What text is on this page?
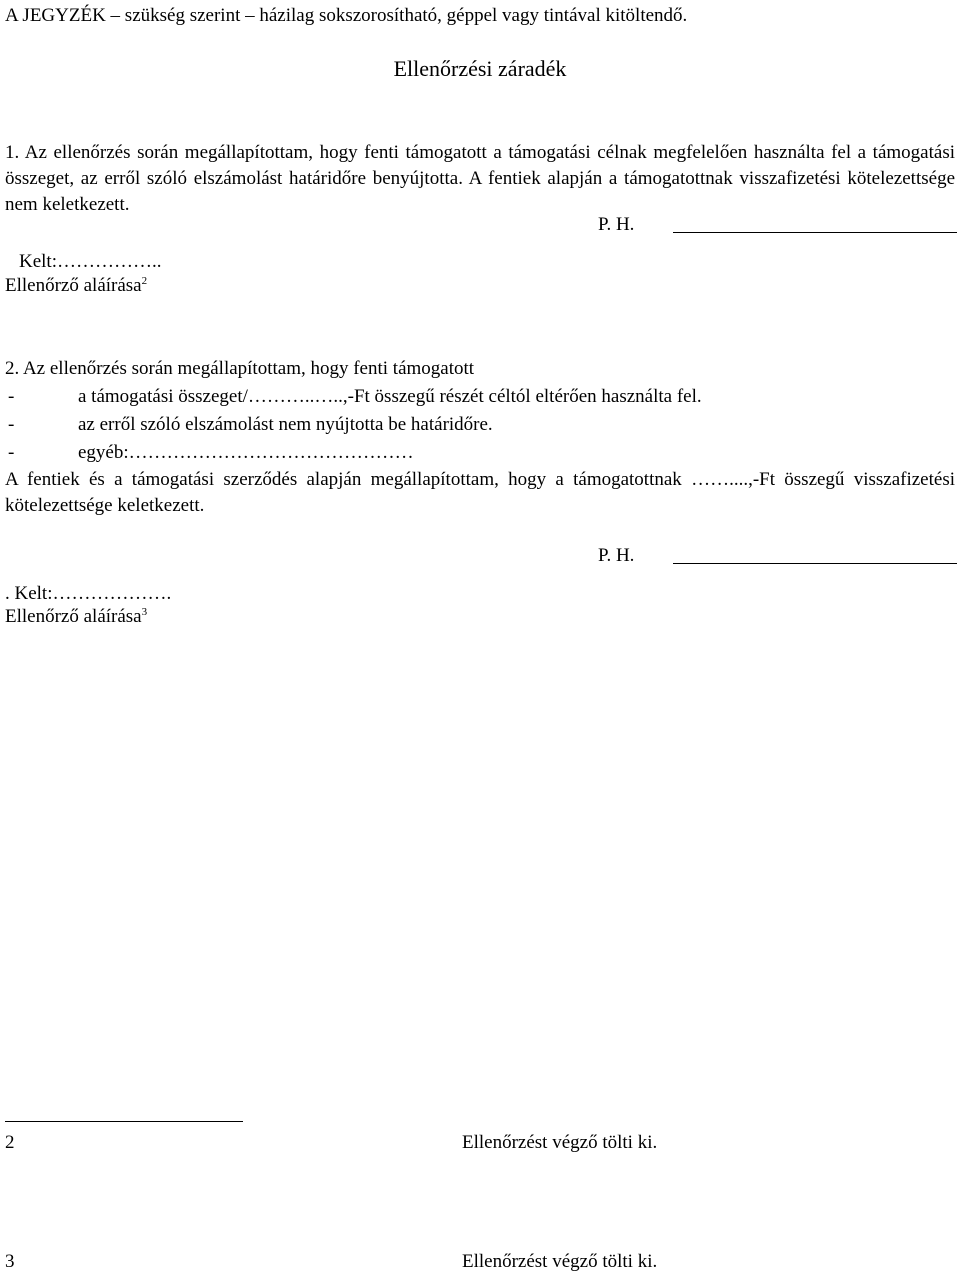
A JEGYZÉK – szükség szerint – házilag sokszorosítható, géppel vagy tintával kitöltendő.
Ellenőrzési záradék
1. Az ellenőrzés során megállapítottam, hogy fenti támogatott a támogatási célnak megfelelően használta fel a támogatási összeget, az erről szóló elszámolást határidőre benyújtotta. A fentiek alapján a támogatottnak visszafizetési kötelezettsége nem keletkezett.
P. H.
Kelt:……………..
Ellenőrző aláírása$^2$
2. Az ellenőrzés során megállapítottam, hogy fenti támogatott
-	a támogatási összeget/………..…..,-Ft összegű részét céltól eltérően használta fel.
-	az erről szóló elszámolást nem nyújtotta be határidőre.
-	egyéb:………………………………………
A fentiek és a támogatási szerződés alapján megállapítottam, hogy a támogatottnak ……....,-Ft összegű visszafizetési kötelezettsége keletkezett.
P. H.
. Kelt:……………….
Ellenőrző aláírása$^3$
2	Ellenőrzést végző tölti ki.
3	Ellenőrzést végző tölti ki.
